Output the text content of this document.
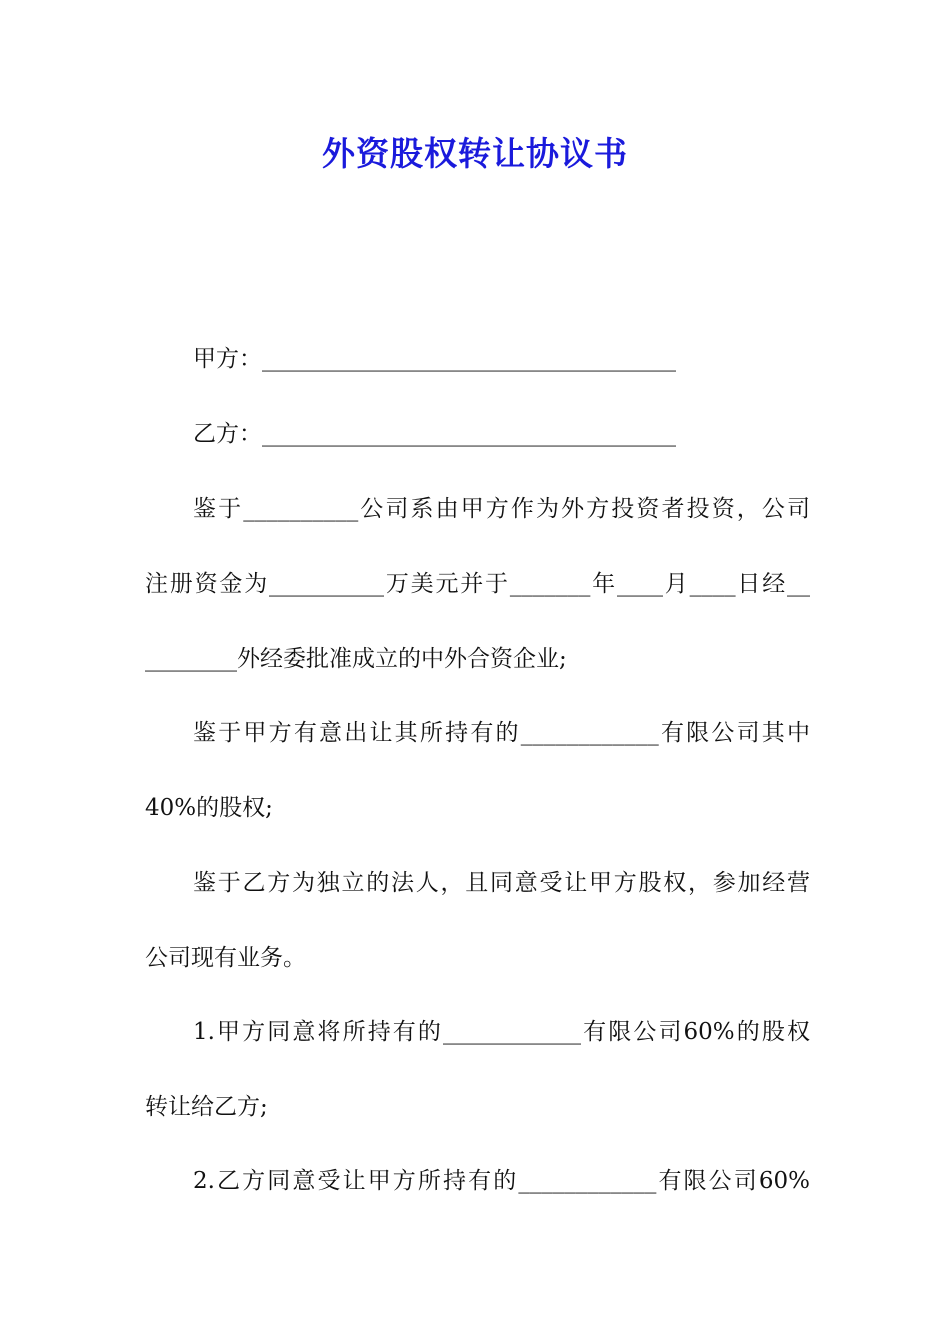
外资股权转让协议书
甲方：____________________________________
乙方：____________________________________
鉴于__________公司系由甲方作为外方投资者投资，公司
注册资金为__________万美元并于_______年____月____日经__
________外经委批准成立的中外合资企业;
鉴于甲方有意出让其所持有的____________有限公司其中
40%的股权;
鉴于乙方为独立的法人，且同意受让甲方股权，参加经营
公司现有业务。
1.甲方同意将所持有的____________有限公司60%的股权
转让给乙方;
2.乙方同意受让甲方所持有的____________有限公司60%
